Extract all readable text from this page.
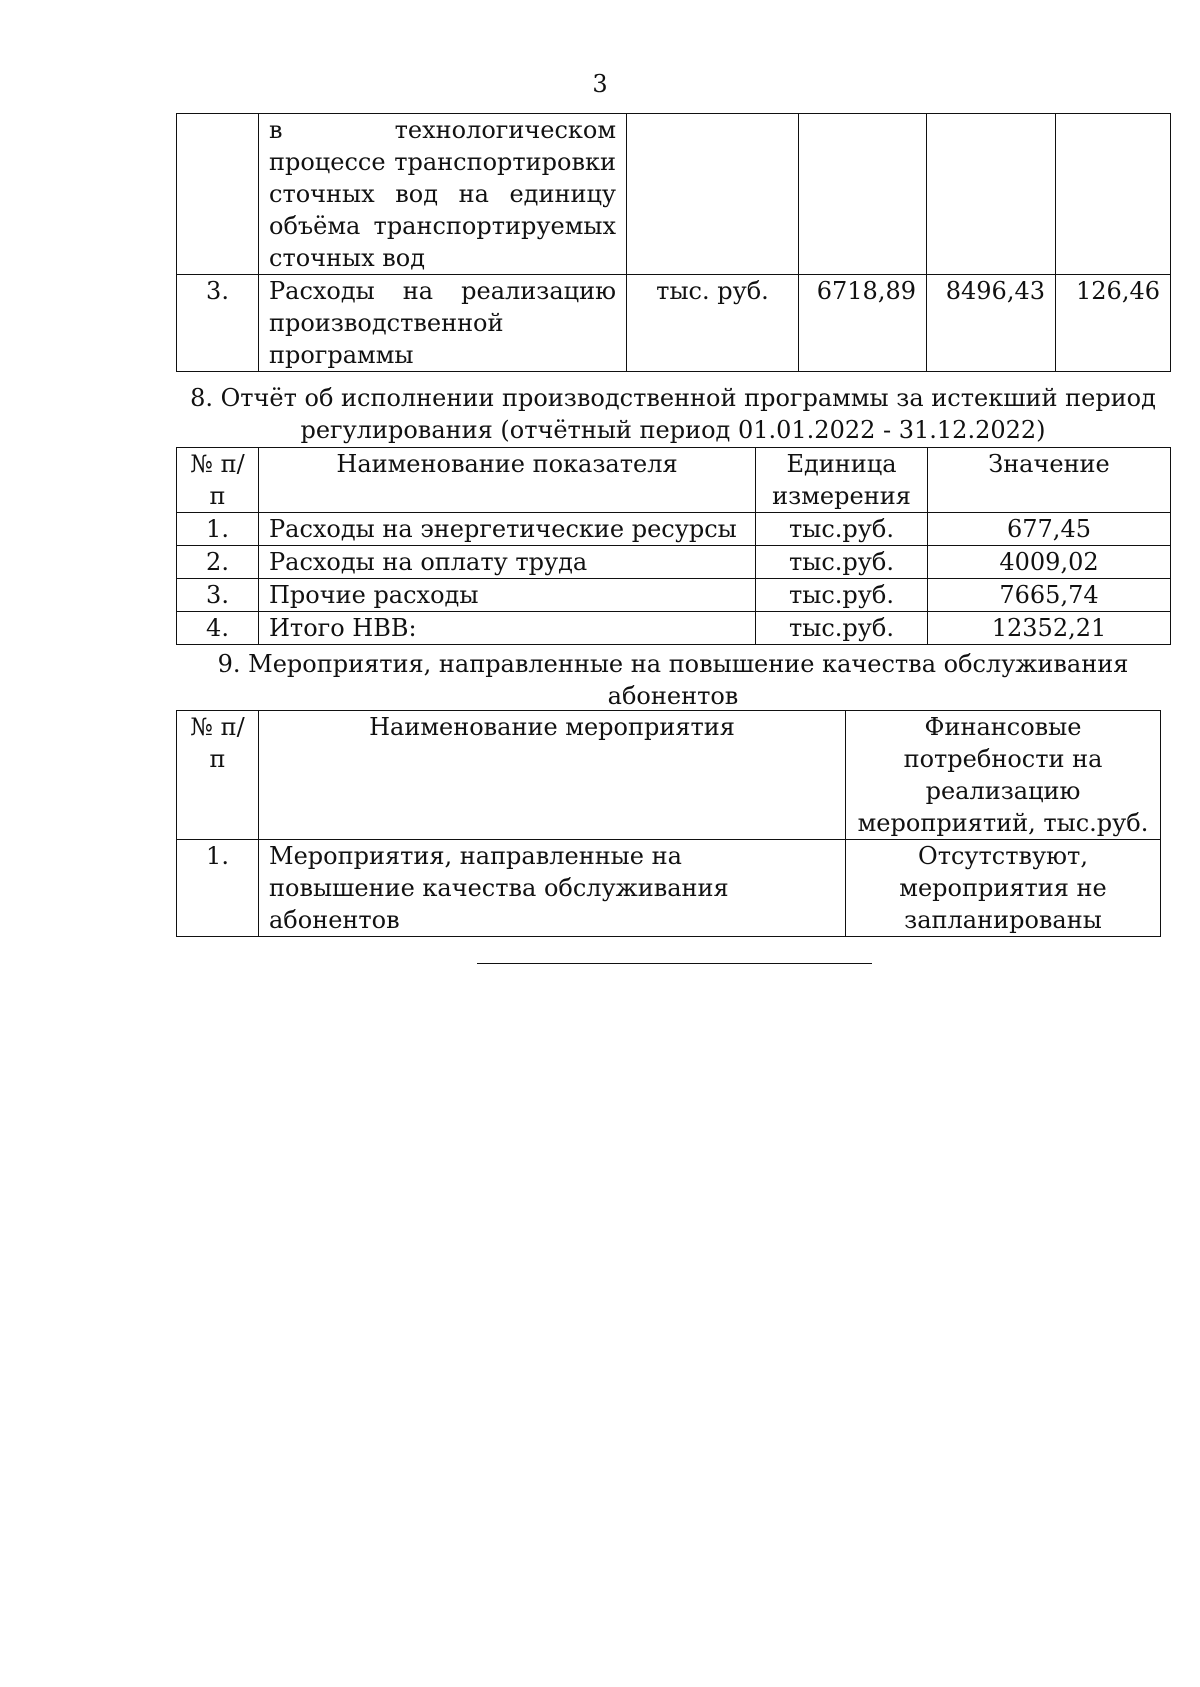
3
	в технологическом процессе транспортировки сточных вод на единицу объёма транспортируемых сточных вод				
3.	Расходы на реализацию производственной программы	тыс. руб.	6718,89	8496,43	126,46
8. Отчёт об исполнении производственной программы за истекший период регулирования (отчётный период 01.01.2022 - 31.12.2022)
№ п/п	Наименование показателя	Единица измерения	Значение
1.	Расходы на энергетические ресурсы	тыс.руб.	677,45
2.	Расходы на оплату труда	тыс.руб.	4009,02
3.	Прочие расходы	тыс.руб.	7665,74
4.	Итого НВВ:	тыс.руб.	12352,21
9. Мероприятия, направленные на повышение качества обслуживания абонентов
№ п/п	Наименование мероприятия	Финансовые потребности на реализацию мероприятий, тыс.руб.
1.	Мероприятия, направленные на повышение качества обслуживания абонентов	Отсутствуют, мероприятия не запланированы
